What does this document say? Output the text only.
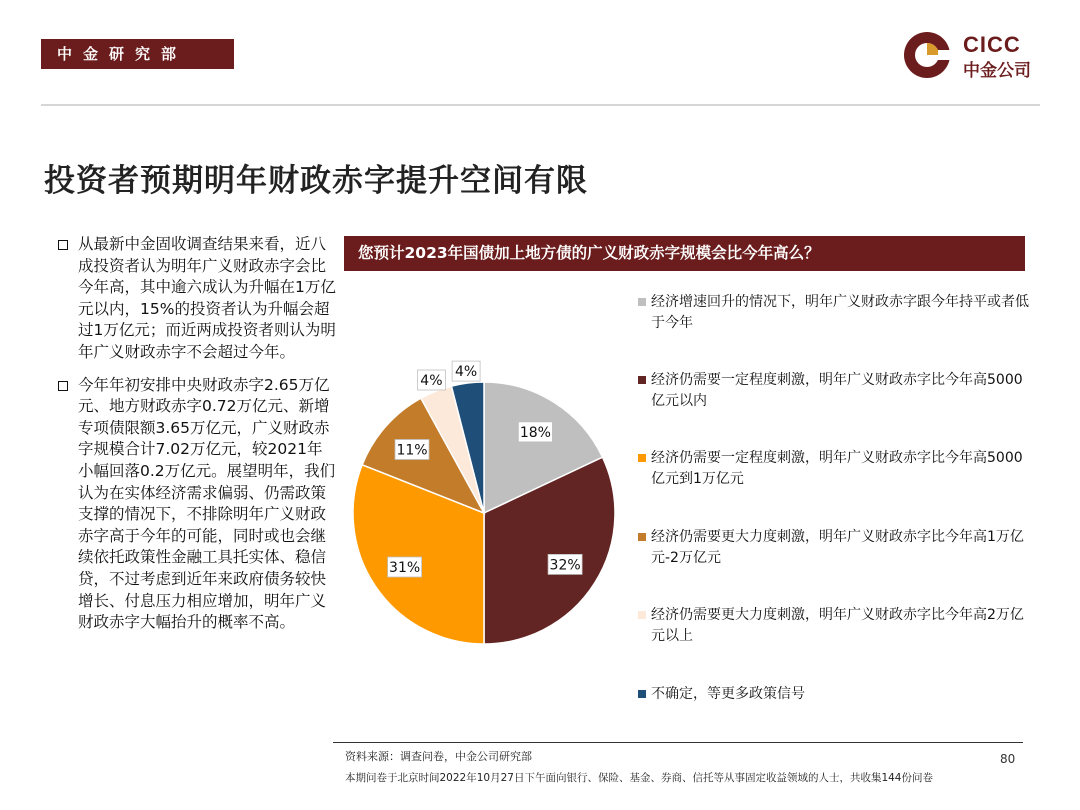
中金研究部	CICC
中金公司
投资者预期明年财政赤字提升空间有限
从最新中金固收调查结果来看，近八成投资者认为明年广义财政赤字会比今年高，其中逾六成认为升幅在1万亿元以内，15%的投资者认为升幅会超过1万亿元；而近两成投资者则认为明年广义财政赤字不会超过今年。
今年年初安排中央财政赤字2.65万亿元、地方财政赤字0.72万亿元、新增专项债限额3.65万亿元，广义财政赤字规模合计7.02万亿元，较2021年小幅回落0.2万亿元。展望明年，我们认为在实体经济需求偏弱、仍需政策支撑的情况下，不排除明年广义财政赤字高于今年的可能，同时或也会继续依托政策性金融工具托实体、稳信贷，不过考虑到近年来政府债务较快增长、付息压力相应增加，明年广义财政赤字大幅抬升的概率不高。
您预计2023年国债加上地方债的广义财政赤字规模会比今年高么？
18%
32%
31%
11%
4%
4%
经济增速回升的情况下，明年广义财政赤字跟今年持平或者低于今年
经济仍需要一定程度刺激，明年广义财政赤字比今年高5000亿元以内
经济仍需要一定程度刺激，明年广义财政赤字比今年高5000亿元到1万亿元
经济仍需要更大力度刺激，明年广义财政赤字比今年高1万亿元-2万亿元
经济仍需要更大力度刺激，明年广义财政赤字比今年高2万亿元以上
不确定，等更多政策信号
资料来源：调查问卷，中金公司研究部	80
本期问卷于北京时间2022年10月27日下午面向银行、保险、基金、券商、信托等从事固定收益领域的人士，共收集144份问卷
